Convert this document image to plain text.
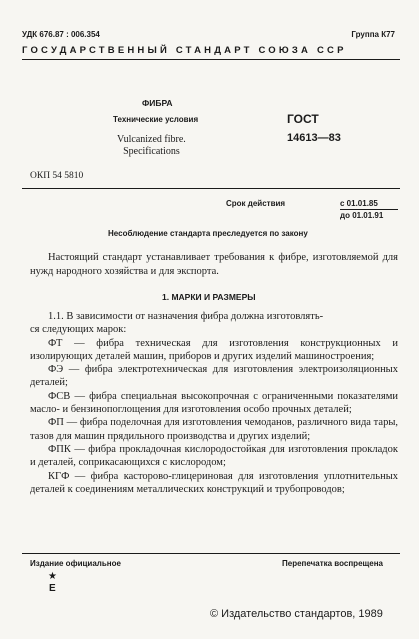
УДК 676.87 : 006.354	Группа К77
ГОСУДАРСТВЕННЫЙ СТАНДАРТ СОЮЗА ССР
ФИБРА
Технические условия
Vulcanized fibre.
Specifications
ГОСТ
14613—83
ОКП 54 5810
Срок действия	с 01.01.85
до 01.01.91
Несоблюдение стандарта преследуется по закону
Настоящий стандарт устанавливает требования к фибре, изготовляемой для нужд народного хозяйства и для экспорта.
1. МАРКИ И РАЗМЕРЫ

1.1. В зависимости от назначения фибра должна изготовлять-

ся следующих марок:

ФТ — фибра техническая для изготовления конструкционных и изолирующих деталей машин, приборов и других изделий машиностроения;

ФЭ — фибра электротехническая для изготовления электроизоляционных деталей;

ФСВ — фибра специальная высокопрочная с ограниченными показателями масло- и бензинопоглощения для изготовления особо прочных деталей;

ФП — фибра поделочная для изготовления чемоданов, различного вида тары, тазов для машин прядильного производства и других изделий;

ФПК — фибра прокладочная кислородостойкая для изготовления прокладок и деталей, соприкасающихся с кислородом;

КГФ — фибра касторово-глицериновая для изготовления уплотнительных деталей к соединениям металлических конструкций и трубопроводов;

Издание официальное	Перепечатка воспрещена
★
Е
© Издательство стандартов, 1989
